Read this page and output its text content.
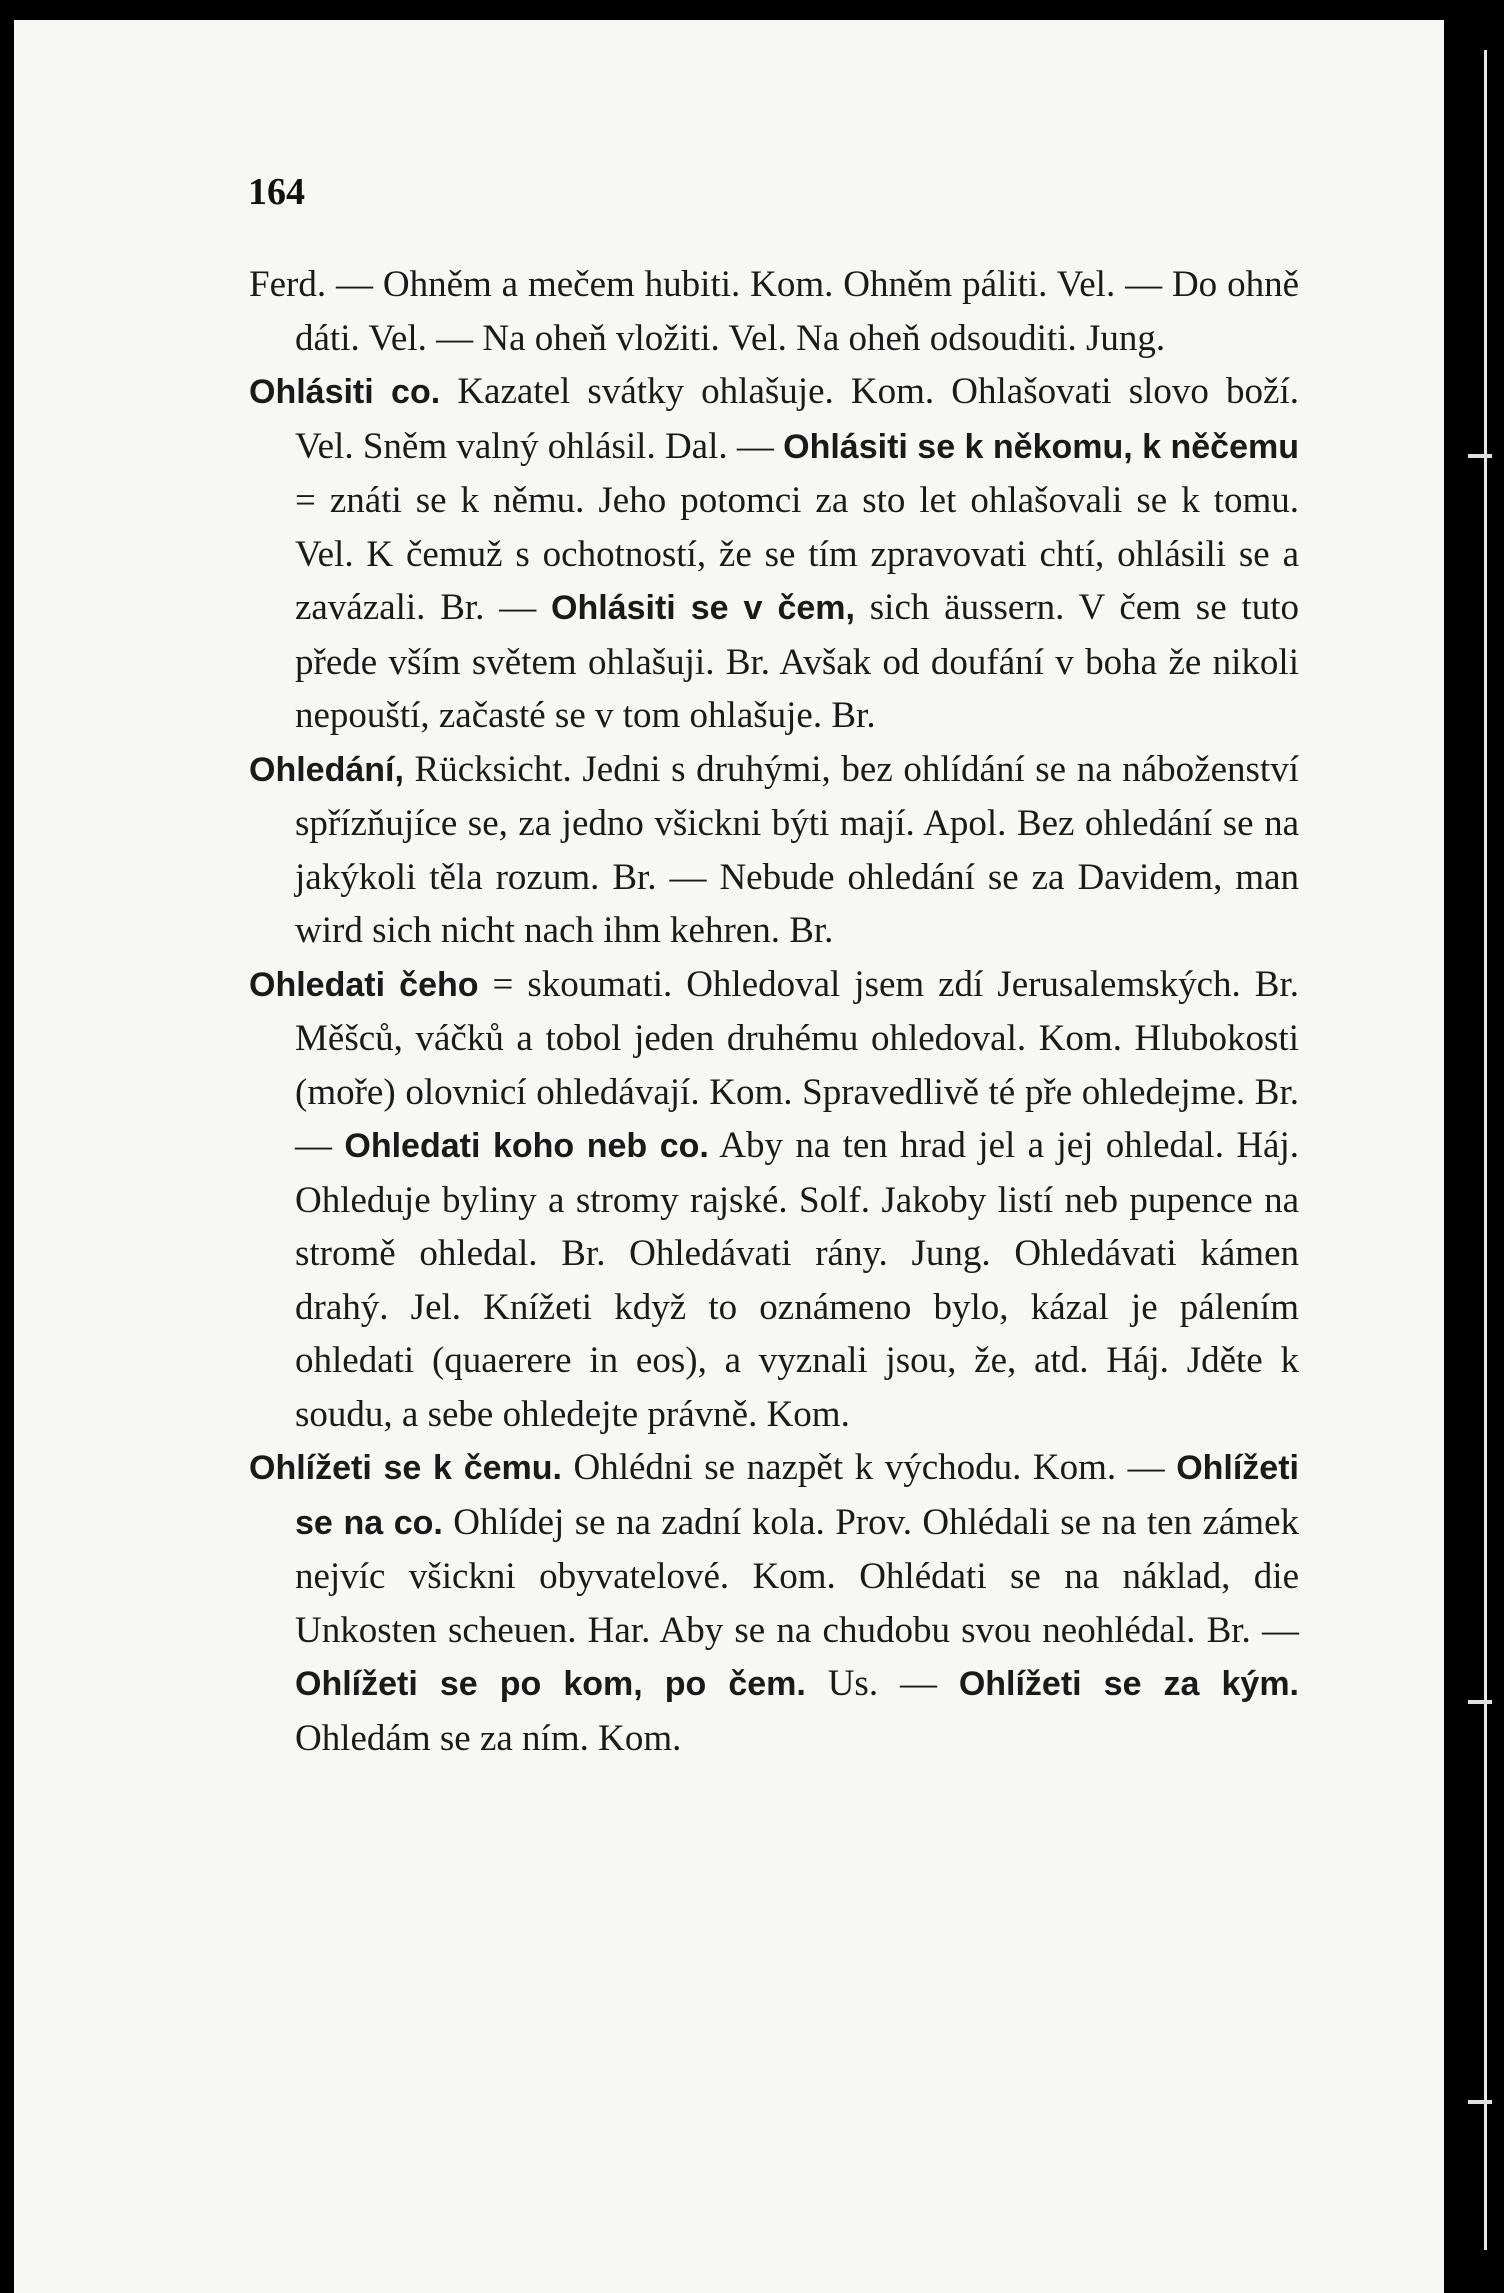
164

Ferd. — Ohněm a mečem hubiti. Kom. Ohněm páliti. Vel. — Do ohně dáti. Vel. — Na oheň vložiti. Vel. Na oheň odsouditi. Jung.

Ohlásiti co. Kazatel svátky ohlašuje. Kom. Ohlašovati slovo boží. Vel. Sněm valný ohlásil. Dal. — Ohlásiti se k někomu, k něčemu = znáti se k němu. Jeho potomci za sto let ohlašovali se k tomu. Vel. K čemuž s ochotností, že se tím zpravovati chtí, ohlásili se a zavázali. Br. — Ohlásiti se v čem, sich äussern. V čem se tuto přede vším světem ohlašuji. Br. Avšak od doufání v boha že nikoli nepouští, začasté se v tom ohlašuje. Br.

Ohledání, Rücksicht. Jedni s druhými, bez ohlídání se na náboženství spřízňujíce se, za jedno všickni býti mají. Apol. Bez ohledání se na jakýkoli těla rozum. Br. — Nebude ohledání se za Davidem, man wird sich nicht nach ihm kehren. Br.

Ohledati čeho = skoumati. Ohledoval jsem zdí Jerusalemských. Br. Měšců, váčků a tobol jeden druhému ohledoval. Kom. Hlubokosti (moře) olovnicí ohledávají. Kom. Spravedlivě té pře ohledejme. Br. — Ohledati koho neb co. Aby na ten hrad jel a jej ohledal. Háj. Ohleduje byliny a stromy rajské. Solf. Jakoby listí neb pupence na stromě ohledal. Br. Ohledávati rány. Jung. Ohledávati kámen drahý. Jel. Knížeti když to oznámeno bylo, kázal je pálením ohledati (quaerere in eos), a vyznali jsou, že, atd. Háj. Jděte k soudu, a sebe ohledejte právně. Kom.

Ohlížeti se k čemu. Ohlédni se nazpět k východu. Kom. — Ohlížeti se na co. Ohlídej se na zadní kola. Prov. Ohlédali se na ten zámek nejvíc všickni obyvatelové. Kom. Ohlédati se na náklad, die Unkosten scheuen. Har. Aby se na chudobu svou neohlédal. Br. — Ohlížeti se po kom, po čem. Us. — Ohlížeti se za kým. Ohledám se za ním. Kom.
